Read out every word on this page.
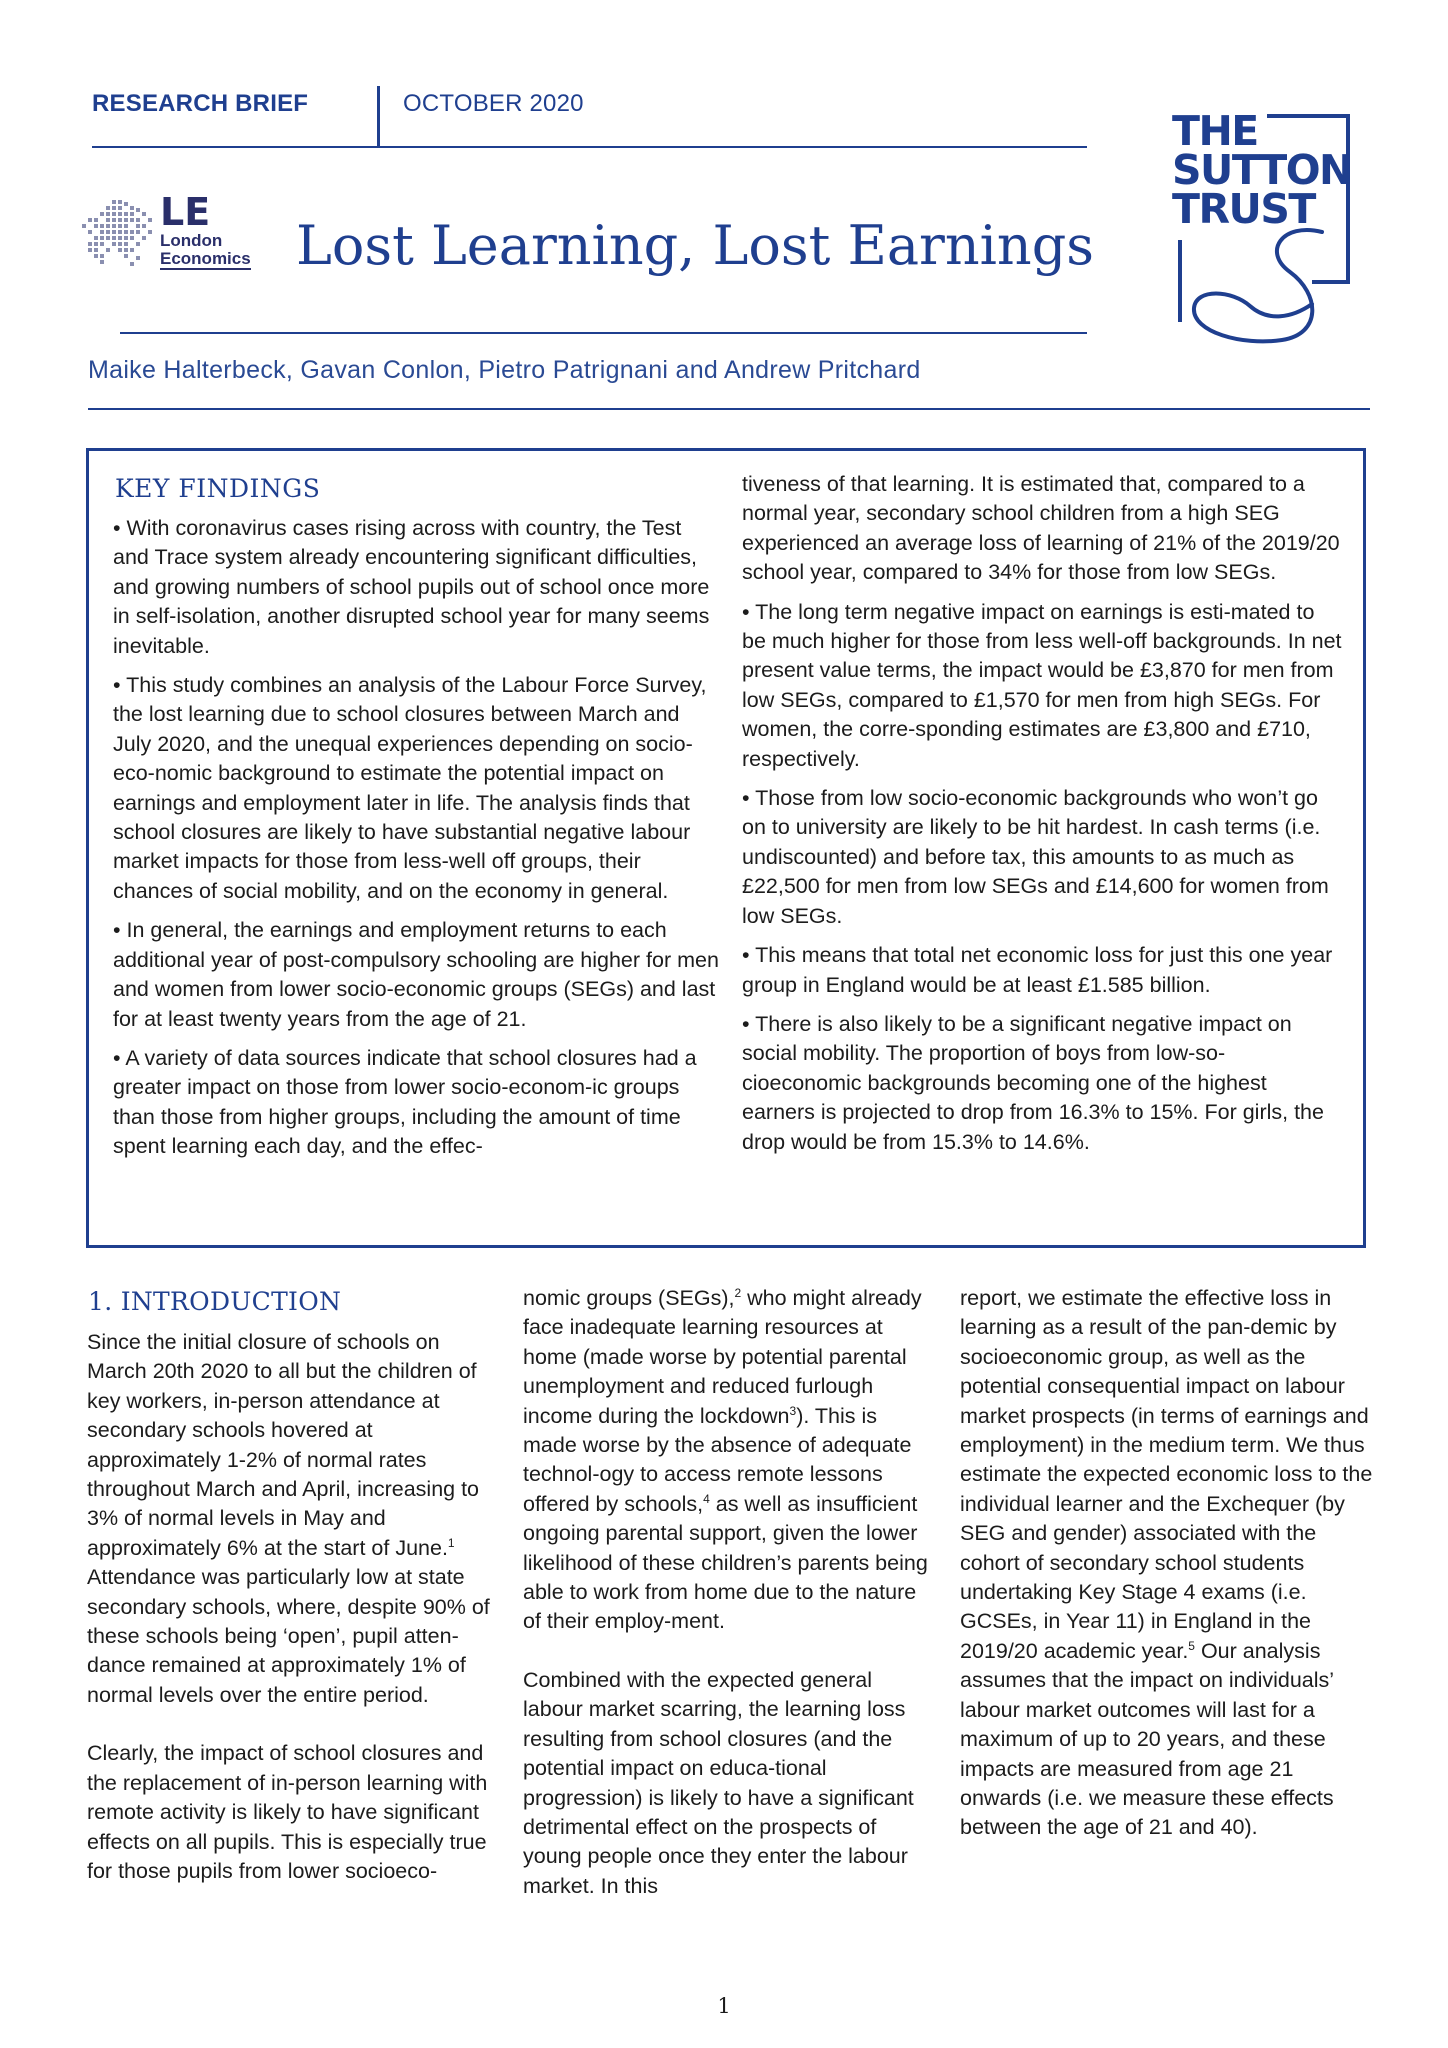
RESEARCH BRIEF	OCTOBER 2020
LE
London
Economics Lost Learning, Lost Earnings
THE
SUTTON
TRUST
Maike Halterbeck, Gavan Conlon, Pietro Patrignani and Andrew Pritchard
KEY FINDINGS

• With coronavirus cases rising across with country, the Test and Trace system already encountering significant difficulties, and growing numbers of school pupils out of school once more in self-isolation, another disrupted school year for many seems inevitable.

• This study combines an analysis of the Labour Force Survey, the lost learning due to school closures between March and July 2020, and the unequal experiences depending on socio-eco-nomic background to estimate the potential impact on earnings and employment later in life. The analysis finds that school closures are likely to have substantial negative labour market impacts for those from less-well off groups, their chances of social mobility, and on the economy in general.

• In general, the earnings and employment returns to each additional year of post-compulsory schooling are higher for men and women from lower socio-economic groups (SEGs) and last for at least twenty years from the age of 21.

• A variety of data sources indicate that school closures had a greater impact on those from lower socio-econom-ic groups than those from higher groups, including the amount of time spent learning each day, and the effec-

tiveness of that learning. It is estimated that, compared to a normal year, secondary school children from a high SEG experienced an average loss of learning of 21% of the 2019/20 school year, compared to 34% for those from low SEGs.

• The long term negative impact on earnings is esti-mated to be much higher for those from less well-off backgrounds. In net present value terms, the impact would be £3,870 for men from low SEGs, compared to £1,570 for men from high SEGs. For women, the corre-sponding estimates are £3,800 and £710, respectively.

• Those from low socio-economic backgrounds who won’t go on to university are likely to be hit hardest. In cash terms (i.e. undiscounted) and before tax, this amounts to as much as £22,500 for men from low SEGs and £14,600 for women from low SEGs.

• This means that total net economic loss for just this one year group in England would be at least £1.585 billion.

• There is also likely to be a significant negative impact on social mobility. The proportion of boys from low-so-cioeconomic backgrounds becoming one of the highest earners is projected to drop from 16.3% to 15%. For girls, the drop would be from 15.3% to 14.6%.

1. INTRODUCTION

Since the initial closure of schools on March 20th 2020 to all but the children of key workers, in-person attendance at secondary schools hovered at approximately 1-2% of normal rates throughout March and April, increasing to 3% of normal levels in May and approximately 6% at the start of June.$^1$ Attendance was particularly low at state secondary schools, where, despite 90% of these schools being ‘open’, pupil atten-dance remained at approximately 1% of normal levels over the entire period.

Clearly, the impact of school closures and the replacement of in-person learning with remote activity is likely to have significant effects on all pupils. This is especially true for those pupils from lower socioeco-

nomic groups (SEGs),$^2$ who might already face inadequate learning resources at home (made worse by potential parental unemployment and reduced furlough income during the lockdown$^3$). This is made worse by the absence of adequate technol-ogy to access remote lessons offered by schools,$^4$ as well as insufficient ongoing parental support, given the lower likelihood of these children’s parents being able to work from home due to the nature of their employ-ment.

Combined with the expected general labour market scarring, the learning loss resulting from school closures (and the potential impact on educa-tional progression) is likely to have a significant detrimental effect on the prospects of young people once they enter the labour market. In this

report, we estimate the effective loss in learning as a result of the pan-demic by socioeconomic group, as well as the potential consequential impact on labour market prospects (in terms of earnings and employment) in the medium term. We thus estimate the expected economic loss to the individual learner and the Exchequer (by SEG and gender) associated with the cohort of secondary school students undertaking Key Stage 4 exams (i.e. GCSEs, in Year 11) in England in the 2019/20 academic year.$^5$ Our analysis assumes that the impact on individuals’ labour market outcomes will last for a maximum of up to 20 years, and these impacts are measured from age 21 onwards (i.e. we measure these effects between the age of 21 and 40).

1
